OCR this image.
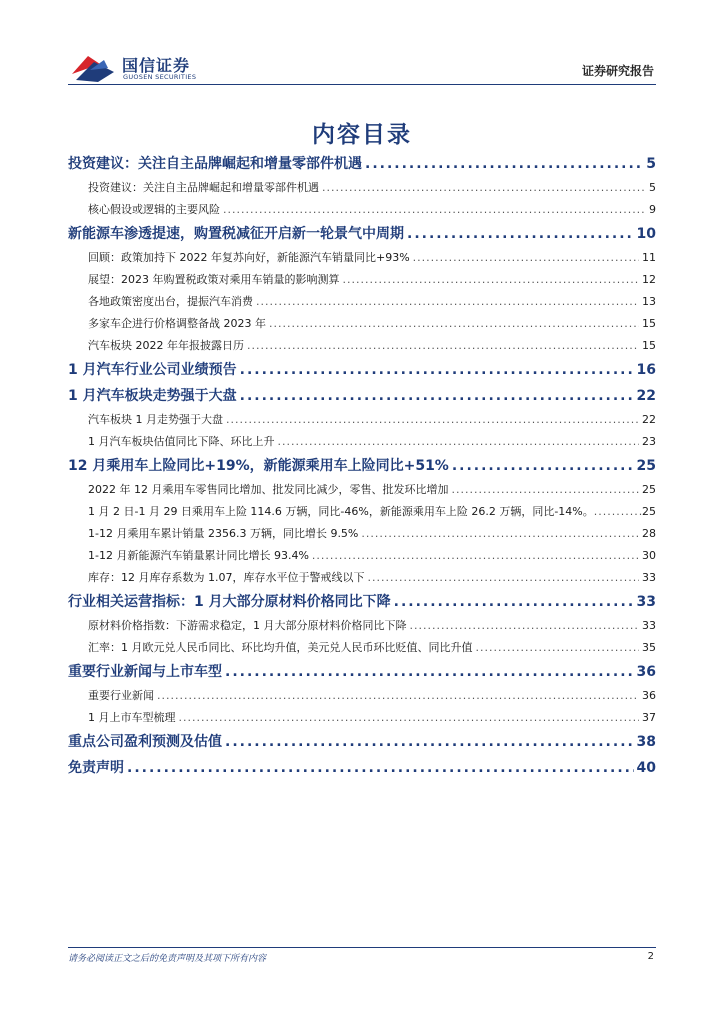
国信证券
GUOSEN SECURITIES	证券研究报告
内容目录
投资建议：关注自主品牌崛起和增量零部件机遇 .....	5
投资建议：关注自主品牌崛起和增量零部件机遇 .....	5
核心假设或逻辑的主要风险 .....	9
新能源车渗透提速，购置税减征开启新一轮景气中周期 .....	10
回顾：政策加持下 2022 年复苏向好，新能源汽车销量同比+93% .....	11
展望：2023 年购置税政策对乘用车销量的影响测算 .....	12
各地政策密度出台，提振汽车消费 .....	13
多家车企进行价格调整备战 2023 年 .....	15
汽车板块 2022 年年报披露日历 .....	15
1 月汽车行业公司业绩预告 .....	16
1 月汽车板块走势强于大盘 .....	22
汽车板块 1 月走势强于大盘 .....	22
1 月汽车板块估值同比下降、环比上升 .....	23
12 月乘用车上险同比+19%，新能源乘用车上险同比+51% .....	25
2022 年 12 月乘用车零售同比增加、批发同比减少，零售、批发环比增加 .....	25
1 月 2 日-1 月 29 日乘用车上险 114.6 万辆，同比-46%，新能源乘用车上险 26.2 万辆，同比-14%。 .....	25
1-12 月乘用车累计销量 2356.3 万辆，同比增长 9.5% .....	28
1-12 月新能源汽车销量累计同比增长 93.4% .....	30
库存：12 月库存系数为 1.07，库存水平位于警戒线以下 .....	33
行业相关运营指标：1 月大部分原材料价格同比下降 .....	33
原材料价格指数：下游需求稳定，1 月大部分原材料价格同比下降 .....	33
汇率：1 月欧元兑人民币同比、环比均升值，美元兑人民币环比贬值、同比升值 .....	35
重要行业新闻与上市车型 .....	36
重要行业新闻 .....	36
1 月上市车型梳理 .....	37
重点公司盈利预测及估值 .....	38
免责声明 .....	40
请务必阅读正文之后的免责声明及其项下所有内容	2
